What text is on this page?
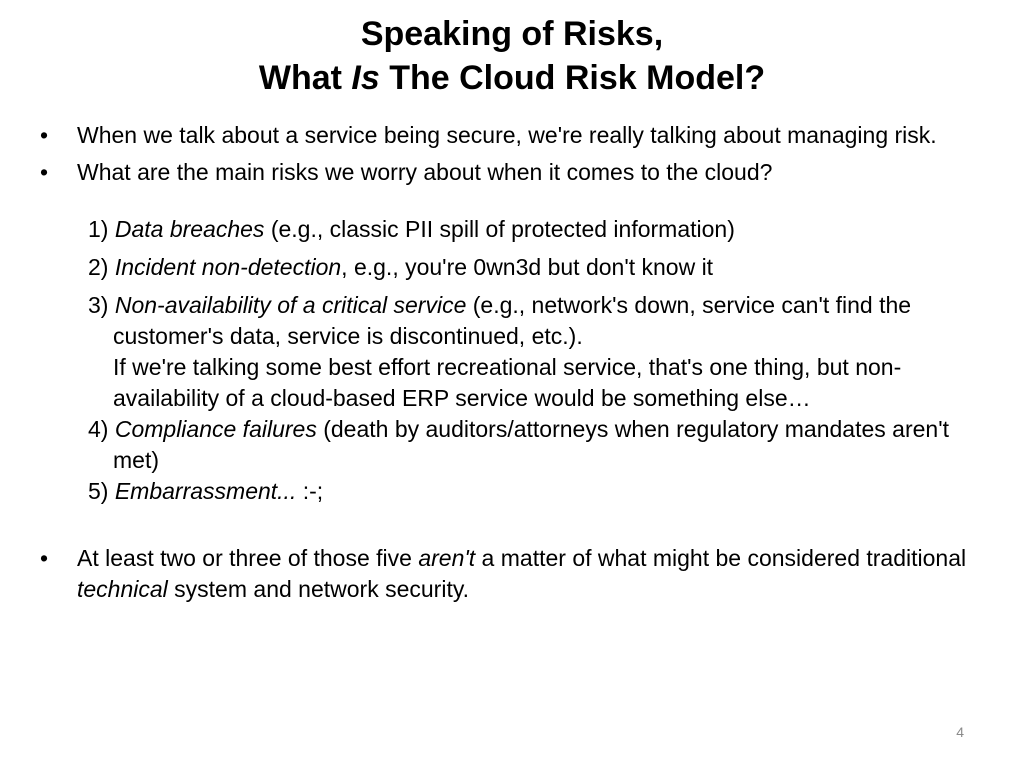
Speaking of Risks,
What Is The Cloud Risk Model?

• When we talk about a service being secure, we're really talking about managing risk.

• What are the main risks we worry about when it comes to the cloud?

1) Data breaches (e.g., classic PII spill of protected information)
2) Incident non-detection, e.g., you're 0wn3d but don't know it
3) Non-availability of a critical service (e.g., network's down, service can't find the customer's data, service is discontinued, etc.).
If we're talking some best effort recreational service, that's one thing, but non-availability of a cloud-based ERP service would be something else…
4) Compliance failures (death by auditors/attorneys when regulatory mandates aren't met)
5) Embarrassment... :-;

• At least two or three of those five aren't a matter of what might be considered traditional technical system and network security.

4
